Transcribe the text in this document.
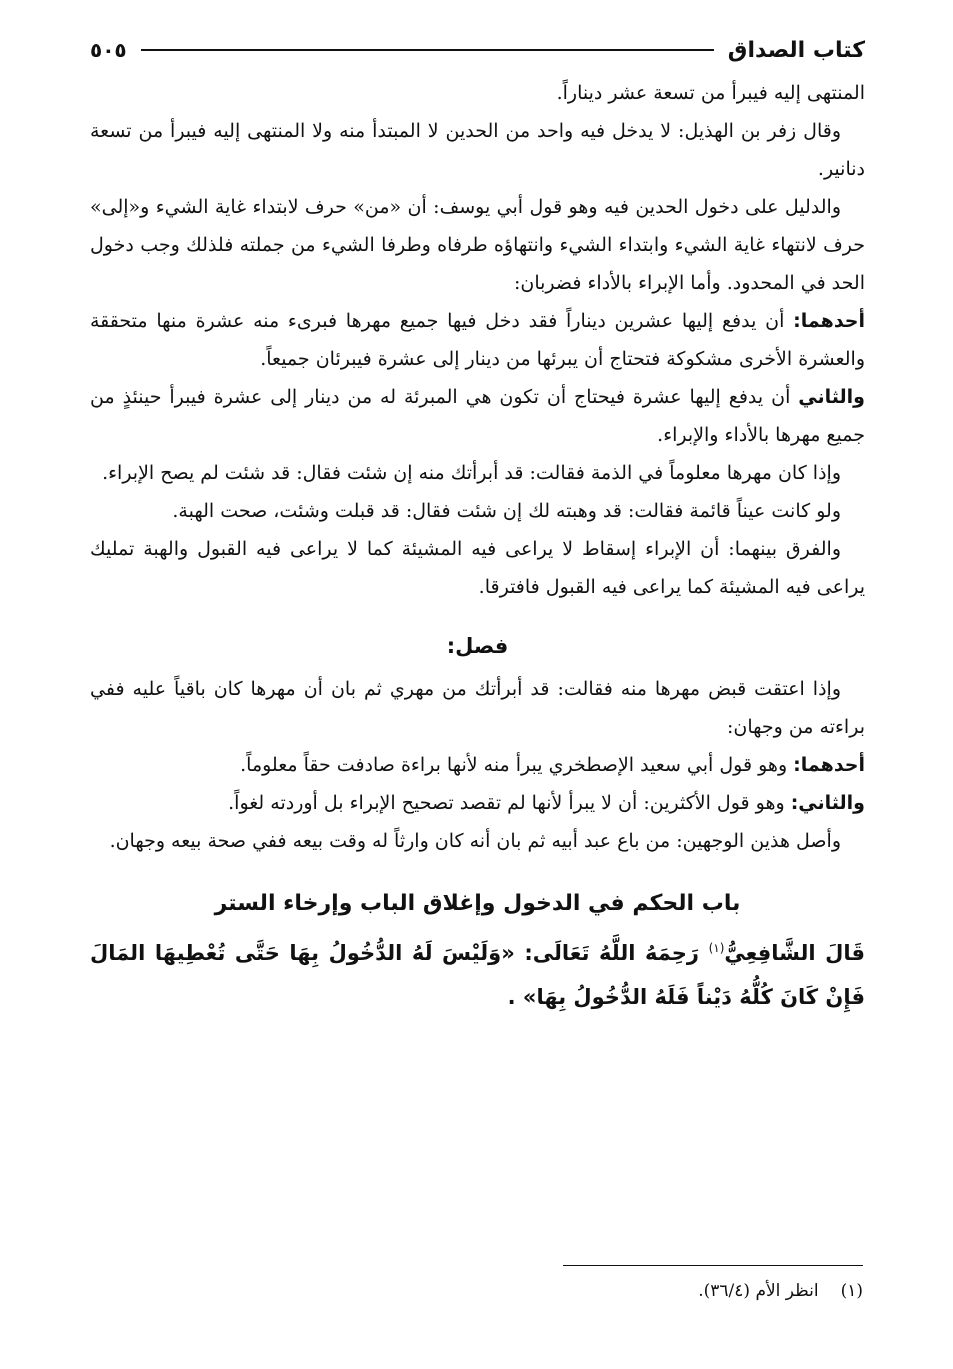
كتاب الصداق
٥٠٥

المنتهى إليه فيبرأ من تسعة عشر ديناراً.

وقال زفر بن الهذيل: لا يدخل فيه واحد من الحدين لا المبتدأ منه ولا المنتهى إليه فيبرأ من تسعة دنانير.

والدليل على دخول الحدين فيه وهو قول أبي يوسف: أن «من» حرف لابتداء غاية الشيء و«إلى» حرف لانتهاء غاية الشيء وابتداء الشيء وانتهاؤه طرفاه وطرفا الشيء من جملته فلذلك وجب دخول الحد في المحدود. وأما الإبراء بالأداء فضربان:

أحدهما: أن يدفع إليها عشرين ديناراً فقد دخل فيها جميع مهرها فبرىء منه عشرة منها متحققة والعشرة الأخرى مشكوكة فتحتاج أن يبرئها من دينار إلى عشرة فيبرئان جميعاً.

والثاني أن يدفع إليها عشرة فيحتاج أن تكون هي المبرئة له من دينار إلى عشرة فيبرأ حينئذٍ من جميع مهرها بالأداء والإبراء.

وإذا كان مهرها معلوماً في الذمة فقالت: قد أبرأتك منه إن شئت فقال: قد شئت لم يصح الإبراء.

ولو كانت عيناً قائمة فقالت: قد وهبته لك إن شئت فقال: قد قبلت وشئت، صحت الهبة.

والفرق بينهما: أن الإبراء إسقاط لا يراعى فيه المشيئة كما لا يراعى فيه القبول والهبة تمليك يراعى فيه المشيئة كما يراعى فيه القبول فافترقا.

فصل:

وإذا اعتقت قبض مهرها منه فقالت: قد أبرأتك من مهري ثم بان أن مهرها كان باقياً عليه ففي براءته من وجهان:

أحدهما: وهو قول أبي سعيد الإصطخري يبرأ منه لأنها براءة صادفت حقاً معلوماً.

والثاني: وهو قول الأكثرين: أن لا يبرأ لأنها لم تقصد تصحيح الإبراء بل أوردته لغواً.

وأصل هذين الوجهين: من باع عبد أبيه ثم بان أنه كان وارثاً له وقت بيعه ففي صحة بيعه وجهان.

باب الحكم في الدخول وإغلاق الباب وإرخاء الستر

قَالَ الشَّافِعِيُّ$^{(١)}$ رَحِمَهُ اللَّهُ تَعَالَى: «وَلَيْسَ لَهُ الدُّخُولُ بِهَا حَتَّى تُعْطِيهَا المَالَ فَإِنْ كَانَ كُلُّهُ دَيْناً فَلَهُ الدُّخُولُ بِهَا» .

(١)انظر الأم (٣٦/٤).
